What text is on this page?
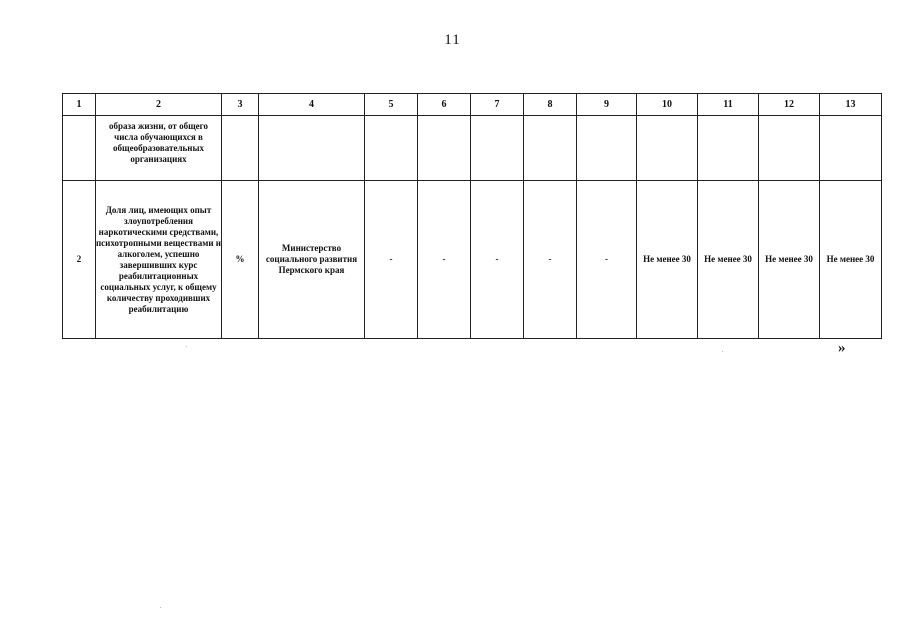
11
1	2	3	4	5	6	7	8	9	10	11	12	13
	образа жизни, от общего числа обучающихся в общеобразовательных организациях											
2	Доля лиц, имеющих опыт злоупотребления наркотическими средствами, психотропными веществами и алкоголем, успешно завершивших курс реабилитационных социальных услуг, к общему количеству проходивших реабилитацию	%	Министерство социального развития Пермского края	-	-	-	-	-	Не менее 30	Не менее 30	Не менее 30	Не менее 30
»
